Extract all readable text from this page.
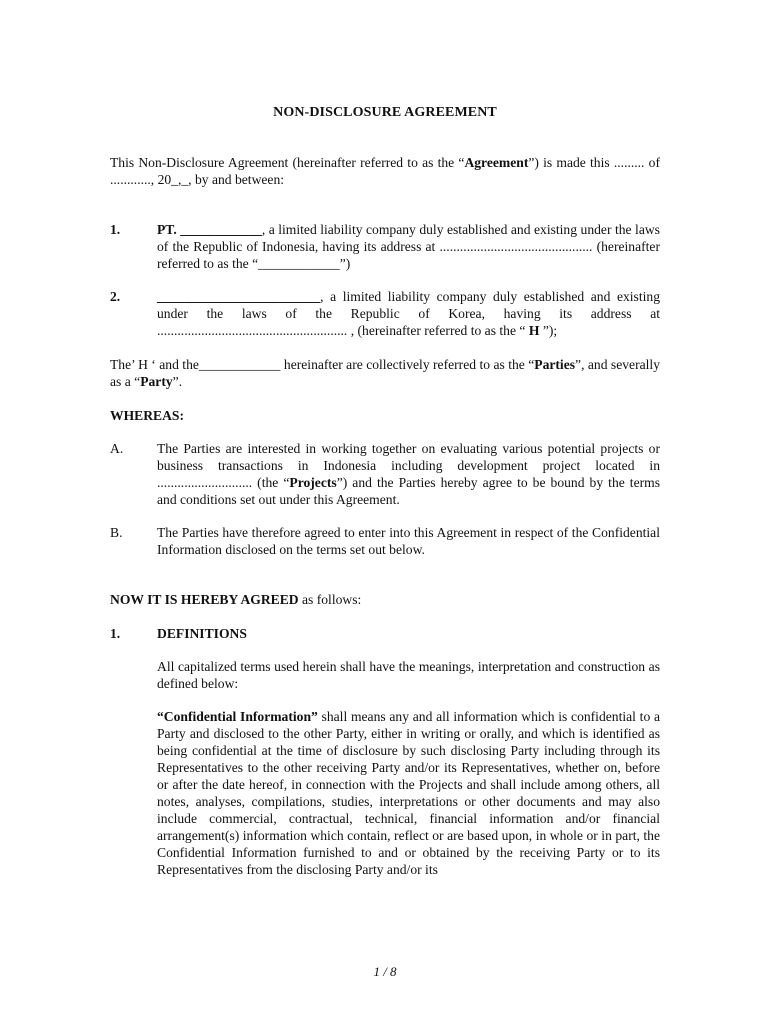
NON-DISCLOSURE AGREEMENT
This Non-Disclosure Agreement (hereinafter referred to as the “Agreement”) is made this ......... of ............, 20_,_, by and between:
1.	PT. ____________, a limited liability company duly established and existing under the laws of the Republic of Indonesia, having its address at ............................................. (hereinafter referred to as the “____________”)
2.	________________________, a limited liability company duly established and existing under the laws of the Republic of Korea, having its address at ........................................................ , (hereinafter referred to as the “ H ”);
The’ H ‘ and the____________ hereinafter are collectively referred to as the “Parties”, and severally as a “Party”.
WHEREAS:
A.	The Parties are interested in working together on evaluating various potential projects or business transactions in Indonesia including development project located in ............................ (the “Projects”) and the Parties hereby agree to be bound by the terms and conditions set out under this Agreement.
B.	The Parties have therefore agreed to enter into this Agreement in respect of the Confidential Information disclosed on the terms set out below.
NOW IT IS HEREBY AGREED as follows:
1.	DEFINITIONS
All capitalized terms used herein shall have the meanings, interpretation and construction as defined below:
“Confidential Information” shall means any and all information which is confidential to a Party and disclosed to the other Party, either in writing or orally, and which is identified as being confidential at the time of disclosure by such disclosing Party including through its Representatives to the other receiving Party and/or its Representatives, whether on, before or after the date hereof, in connection with the Projects and shall include among others, all notes, analyses, compilations, studies, interpretations or other documents and may also include commercial, contractual, technical, financial information and/or financial arrangement(s) information which contain, reflect or are based upon, in whole or in part, the Confidential Information furnished to and or obtained by the receiving Party or to its Representatives from the disclosing Party and/or its
1 / 8
